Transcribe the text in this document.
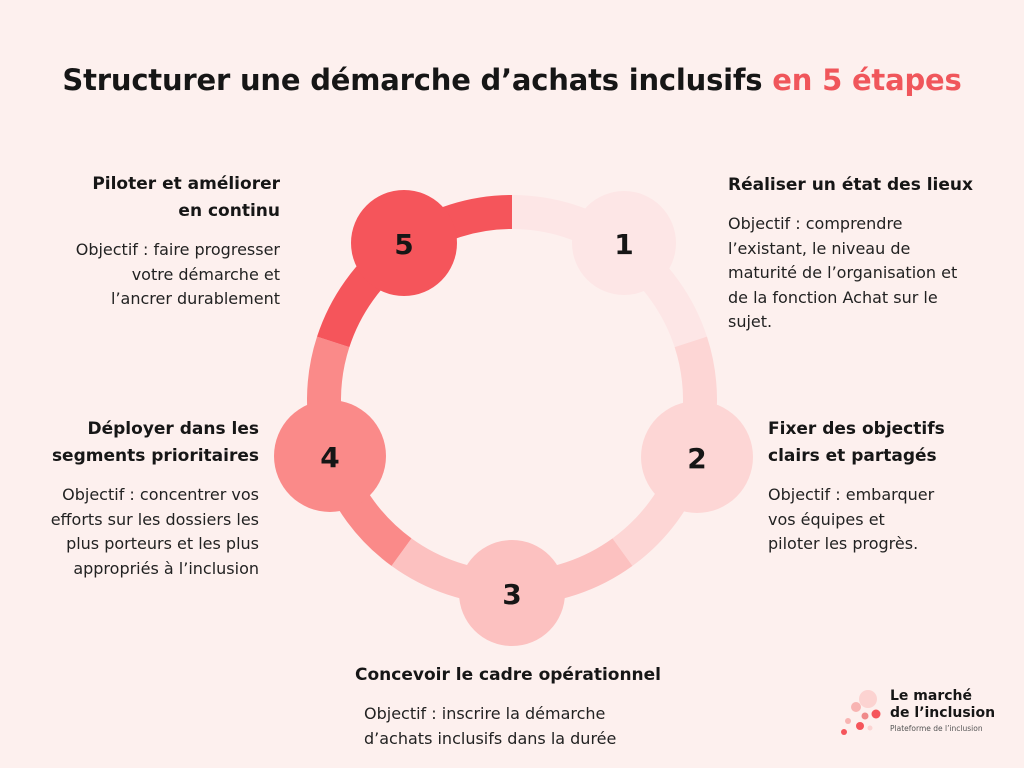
Structurer une démarche d’achats inclusifs en 5 étapes
1
2
3
4
5
Piloter et améliorer
en continu

Objectif : faire progresser
votre démarche et
l’ancrer durablement

Réaliser un état des lieux

Objectif : comprendre
l’existant, le niveau de
maturité de l’organisation et
de la fonction Achat sur le
sujet.

Déployer dans les
segments prioritaires

Objectif : concentrer vos
efforts sur les dossiers les
plus porteurs et les plus
appropriés à l’inclusion

Fixer des objectifs
clairs et partagés

Objectif : embarquer
vos équipes et
piloter les progrès.

Concevoir le cadre opérationnel

Objectif : inscrire la démarche
d’achats inclusifs dans la durée

Le marché
de l’inclusion
Plateforme de l’inclusion
